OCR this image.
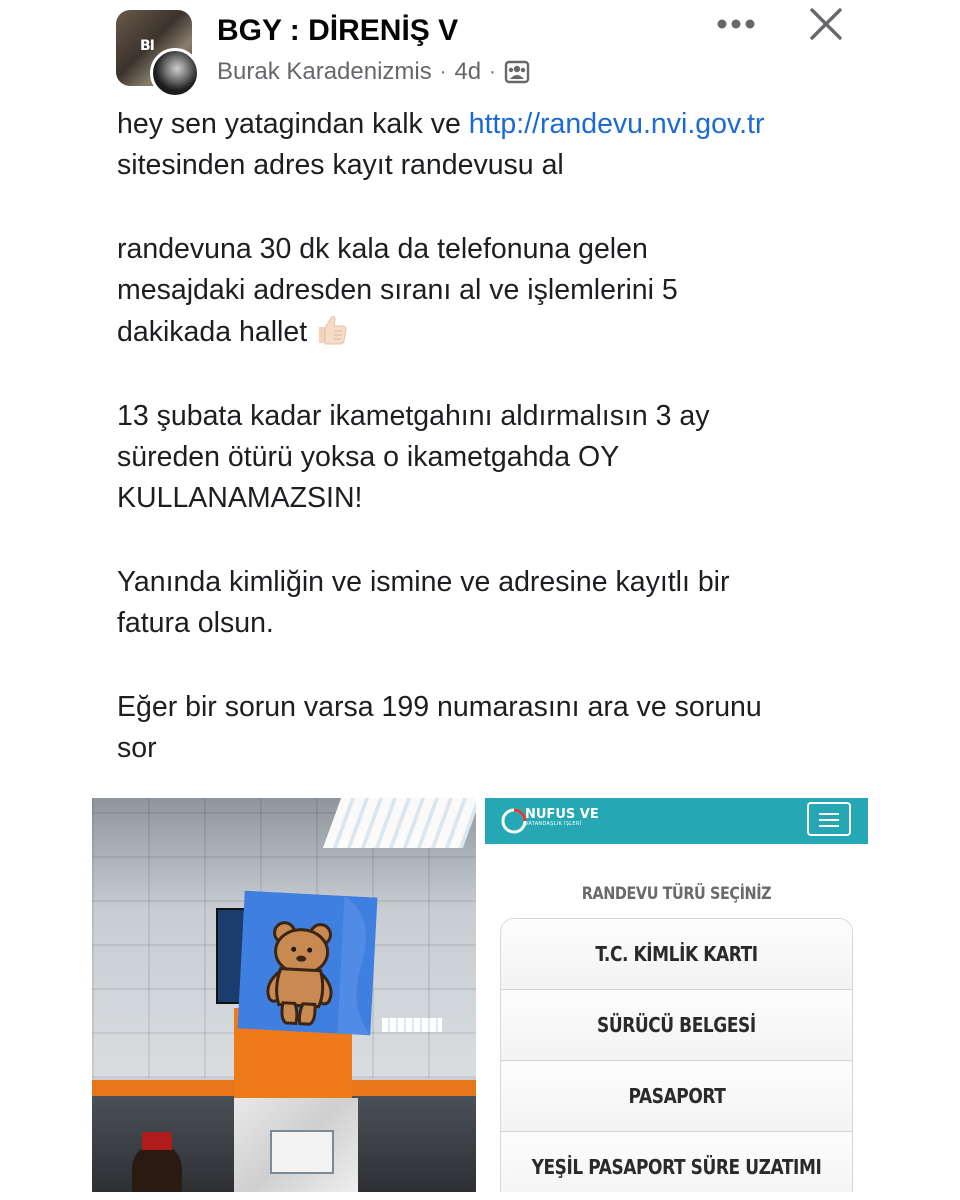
BI BGY : DİRENİŞ V
Burak Karadenizmis · 4d ·

hey sen yatagindan kalk ve http://randevu.nvi.gov.tr
sitesinden adres kayıt randevusu al

randevuna 30 dk kala da telefonuna gelen
mesajdaki adresden sıranı al ve işlemlerini 5
dakikada hallet

13 şubata kadar ikametgahını aldırmalısın 3 ay
süreden ötürü yoksa o ikametgahda OY
KULLANAMAZSIN!

Yanında kimliğin ve ismine ve adresine kayıtlı bir
fatura olsun.

Eğer bir sorun varsa 199 numarasını ara ve sorunu
sor

NUFUS VE
VATANDAŞLIK İŞLERİ
RANDEVU TÜRÜ SEÇİNİZ
T.C. KİMLİK KARTI
SÜRÜCÜ BELGESİ
PASAPORT
YEŞİL PASAPORT SÜRE UZATIMI
